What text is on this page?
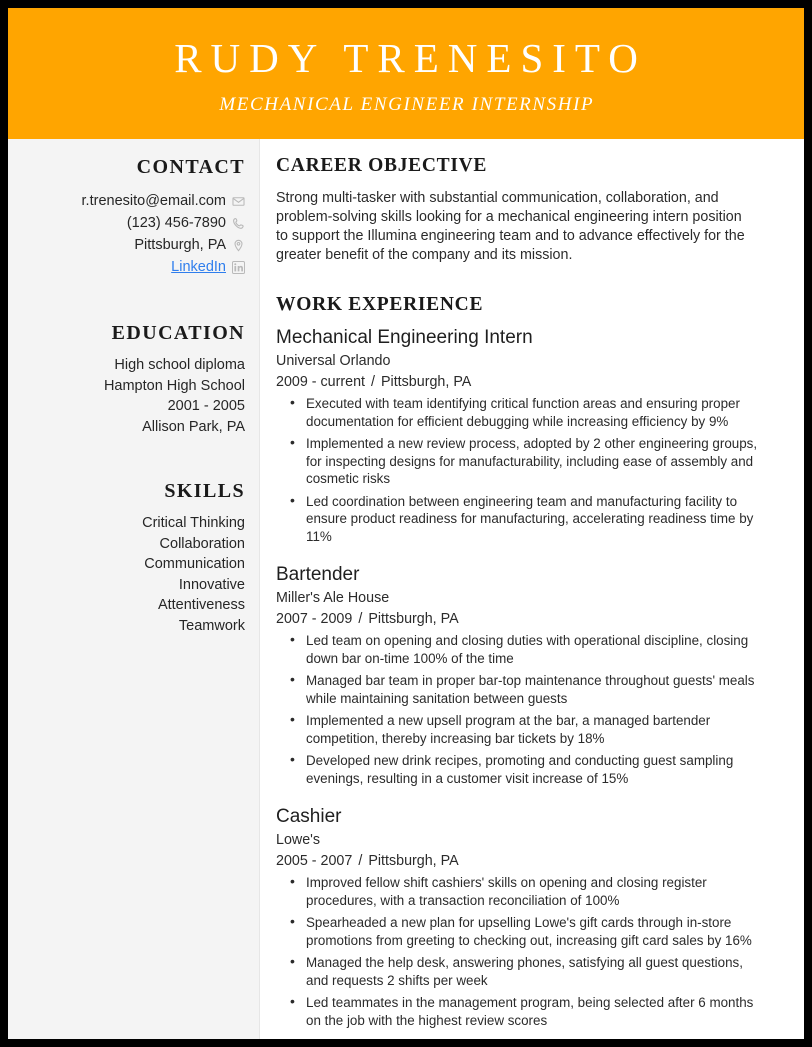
RUDY TRENESITO
MECHANICAL ENGINEER INTERNSHIP
CONTACT
r.trenesito@email.com
(123) 456-7890
Pittsburgh, PA
LinkedIn
EDUCATION
High school diploma
Hampton High School
2001 - 2005
Allison Park, PA
SKILLS
Critical Thinking
Collaboration
Communication
Innovative
Attentiveness
Teamwork
CAREER OBJECTIVE

Strong multi-tasker with substantial communication, collaboration, and problem-solving skills looking for a mechanical engineering intern position to support the Illumina engineering team and to advance effectively for the greater benefit of the company and its mission.

WORK EXPERIENCE
Mechanical Engineering Intern
Universal Orlando
2009 - current / Pittsburgh, PA
• Executed with team identifying critical function areas and ensuring proper documentation for efficient debugging while increasing efficiency by 9%
• Implemented a new review process, adopted by 2 other engineering groups, for inspecting designs for manufacturability, including ease of assembly and cosmetic risks
• Led coordination between engineering team and manufacturing facility to ensure product readiness for manufacturing, accelerating readiness time by 11%
Bartender
Miller's Ale House
2007 - 2009 / Pittsburgh, PA
• Led team on opening and closing duties with operational discipline, closing down bar on-time 100% of the time
• Managed bar team in proper bar-top maintenance throughout guests' meals while maintaining sanitation between guests
• Implemented a new upsell program at the bar, a managed bartender competition, thereby increasing bar tickets by 18%
• Developed new drink recipes, promoting and conducting guest sampling evenings, resulting in a customer visit increase of 15%
Cashier
Lowe's
2005 - 2007 / Pittsburgh, PA
• Improved fellow shift cashiers' skills on opening and closing register procedures, with a transaction reconciliation of 100%
• Spearheaded a new plan for upselling Lowe's gift cards through in-store promotions from greeting to checking out, increasing gift card sales by 16%
• Managed the help desk, answering phones, satisfying all guest questions, and requests 2 shifts per week
• Led teammates in the management program, being selected after 6 months on the job with the highest review scores
